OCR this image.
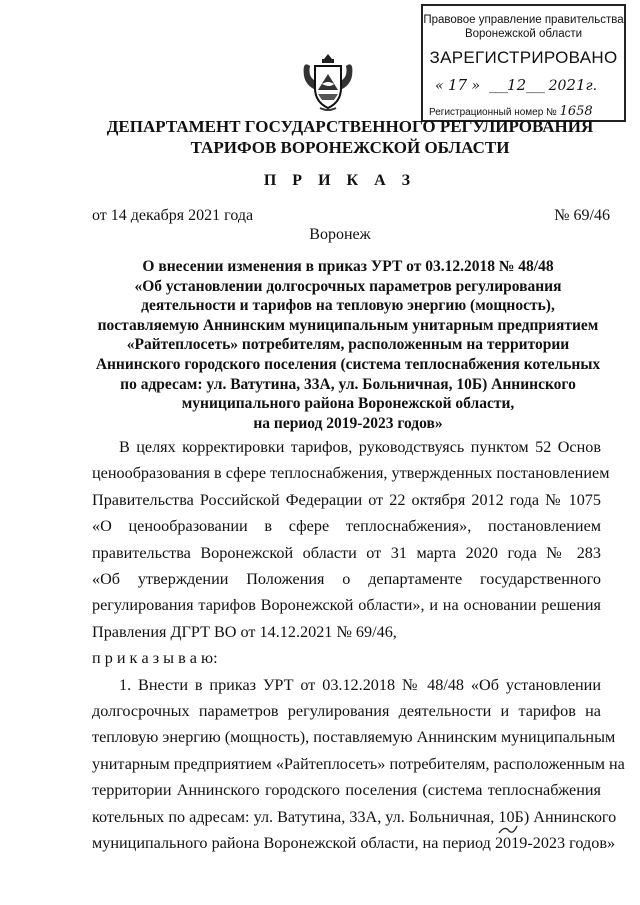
Правовое управление правительства
Воронежской области
ЗАРЕГИСТРИРОВАНО
« 17 »  ___12___ 2021г.
Регистрационный номер № 1658
ДЕПАРТАМЕНТ ГОСУДАРСТВЕННОГО РЕГУЛИРОВАНИЯ
ТАРИФОВ ВОРОНЕЖСКОЙ ОБЛАСТИ
П Р И К А З
от 14 декабря 2021 года	№ 69/46
Воронеж
О внесении изменения в приказ УРТ от 03.12.2018 № 48/48
«Об установлении долгосрочных параметров регулирования
деятельности и тарифов на тепловую энергию (мощность),
поставляемую Аннинским муниципальным унитарным предприятием
«Райтеплосеть» потребителям, расположенным на территории
Аннинского городского поселения (система теплоснабжения котельных
по адресам: ул. Ватутина, 33А, ул. Больничная, 10Б) Аннинского
муниципального района Воронежской области,
на период 2019-2023 годов»
В целях корректировки тарифов, руководствуясь пунктом 52 Основ
ценообразования в сфере теплоснабжения, утвержденных постановлением
Правительства Российской Федерации от 22 октября 2012 года № 1075
«О ценообразовании в сфере теплоснабжения», постановлением
правительства Воронежской области от 31 марта 2020 года № 283
«Об утверждении Положения о департаменте государственного
регулирования тарифов Воронежской области», и на основании решения
Правления ДГРТ ВО от 14.12.2021 № 69/46,
п р и к а з ы в а ю:
1. Внести в приказ УРТ от 03.12.2018 № 48/48 «Об установлении
долгосрочных параметров регулирования деятельности и тарифов на
тепловую энергию (мощность), поставляемую Аннинским муниципальным
унитарным предприятием «Райтеплосеть» потребителям, расположенным на
территории Аннинского городского поселения (система теплоснабжения
котельных по адресам: ул. Ватутина, 33А, ул. Больничная, 10Б) Аннинского
муниципального района Воронежской области, на период 2019-2023 годов»
